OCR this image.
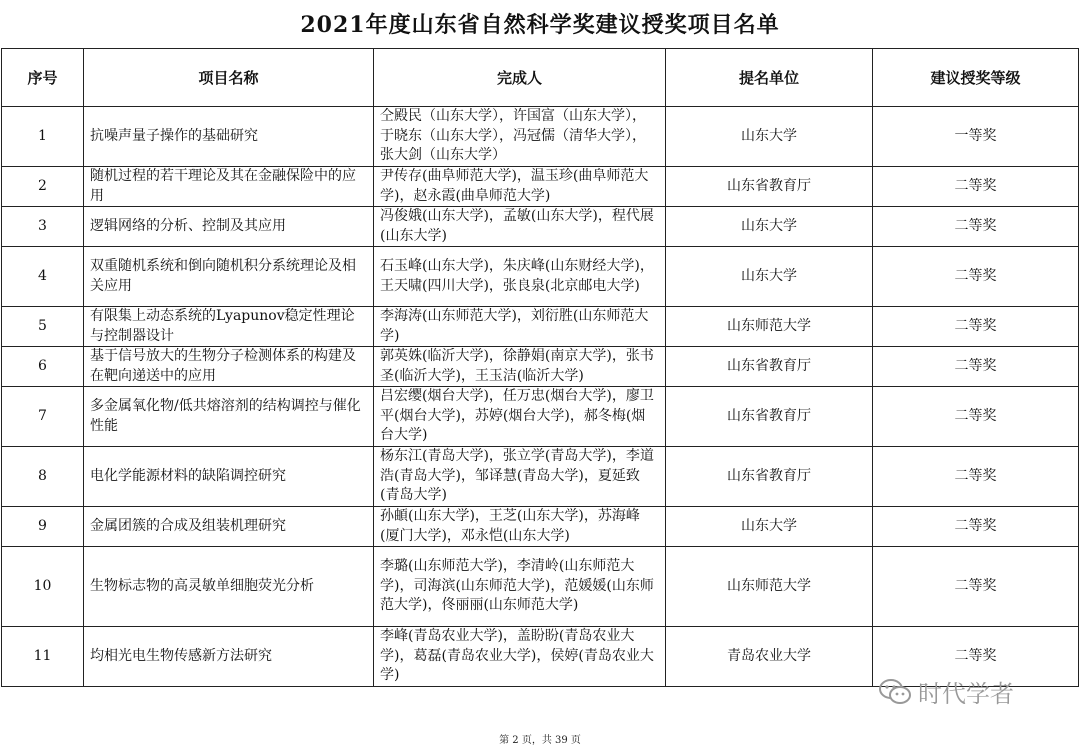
2021年度山东省自然科学奖建议授奖项目名单
序号	项目名称	完成人	提名单位	建议授奖等级
1	抗噪声量子操作的基础研究	仝殿民（山东大学），许国富（山东大学），于晓东（山东大学），冯冠儒（清华大学），张大剑（山东大学）	山东大学	一等奖
2	随机过程的若干理论及其在金融保险中的应用	尹传存(曲阜师范大学)，温玉珍(曲阜师范大学)，赵永霞(曲阜师范大学)	山东省教育厅	二等奖
3	逻辑网络的分析、控制及其应用	冯俊娥(山东大学)，孟敏(山东大学)，程代展(山东大学)	山东大学	二等奖
4	双重随机系统和倒向随机积分系统理论及相关应用	石玉峰(山东大学)，朱庆峰(山东财经大学)，王天啸(四川大学)，张良泉(北京邮电大学)	山东大学	二等奖
5	有限集上动态系统的Lyapunov稳定性理论与控制器设计	李海涛(山东师范大学)，刘衍胜(山东师范大学)	山东师范大学	二等奖
6	基于信号放大的生物分子检测体系的构建及在靶向递送中的应用	郭英姝(临沂大学)，徐静娟(南京大学)，张书圣(临沂大学)，王玉洁(临沂大学)	山东省教育厅	二等奖
7	多金属氧化物/低共熔溶剂的结构调控与催化性能	吕宏缨(烟台大学)，任万忠(烟台大学)，廖卫平(烟台大学)，苏婷(烟台大学)，郝冬梅(烟台大学)	山东省教育厅	二等奖
8	电化学能源材料的缺陷调控研究	杨东江(青岛大学)，张立学(青岛大学)，李道浩(青岛大学)，邹译慧(青岛大学)，夏延致(青岛大学)	山东省教育厅	二等奖
9	金属团簇的合成及组装机理研究	孙頔(山东大学)，王芝(山东大学)，苏海峰(厦门大学)，邓永恺(山东大学)	山东大学	二等奖
10	生物标志物的高灵敏单细胞荧光分析	李璐(山东师范大学)，李清岭(山东师范大学)，司海滨(山东师范大学)，范媛媛(山东师范大学)，佟丽丽(山东师范大学)	山东师范大学	二等奖
11	均相光电生物传感新方法研究	李峰(青岛农业大学)，盖盼盼(青岛农业大学)，葛磊(青岛农业大学)，侯婷(青岛农业大学)	青岛农业大学	二等奖
时代学者
第 2 页，共 39 页
